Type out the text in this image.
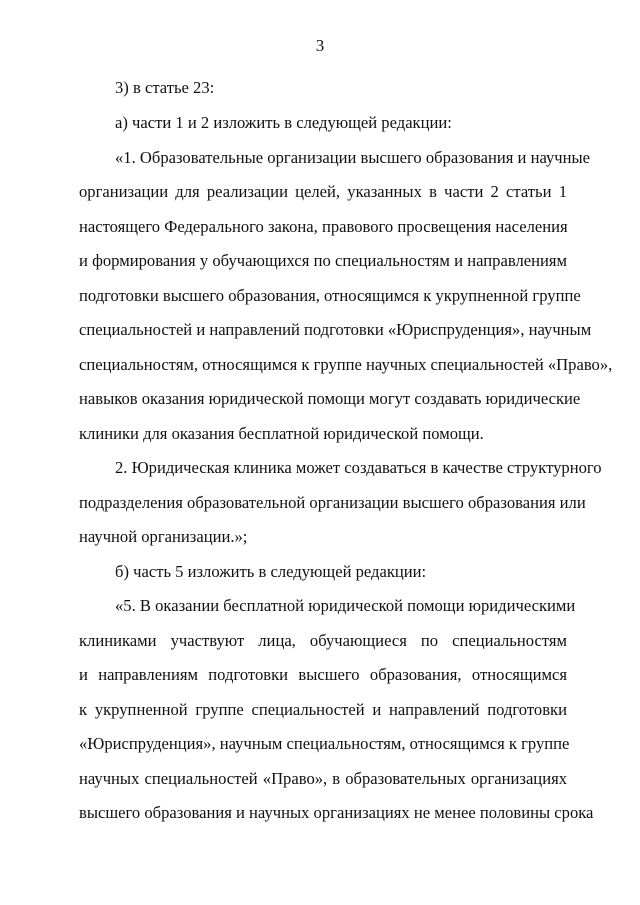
3
3) в статье 23:
а) части 1 и 2 изложить в следующей редакции:
«1. Образовательные организации высшего образования и научные
организации для реализации целей, указанных в части 2 статьи 1
настоящего Федерального закона, правового просвещения населения
и формирования у обучающихся по специальностям и направлениям
подготовки высшего образования, относящимся к укрупненной группе
специальностей и направлений подготовки «Юриспруденция», научным
специальностям, относящимся к группе научных специальностей «Право»,
навыков оказания юридической помощи могут создавать юридические
клиники для оказания бесплатной юридической помощи.
2. Юридическая клиника может создаваться в качестве структурного
подразделения образовательной организации высшего образования или
научной организации.»;
б) часть 5 изложить в следующей редакции:
«5. В оказании бесплатной юридической помощи юридическими
клиниками участвуют лица, обучающиеся по специальностям
и направлениям подготовки высшего образования, относящимся
к укрупненной группе специальностей и направлений подготовки
«Юриспруденция», научным специальностям, относящимся к группе
научных специальностей «Право», в образовательных организациях
высшего образования и научных организациях не менее половины срока
